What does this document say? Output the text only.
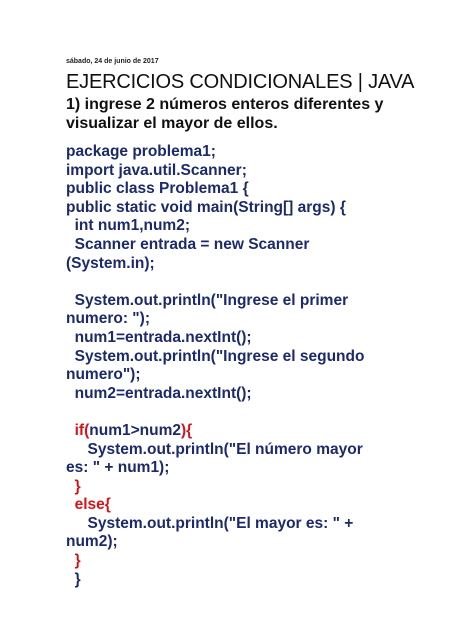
sábado, 24 de junio de 2017
EJERCICIOS CONDICIONALES | JAVA
1) ingrese 2 números enteros diferentes y
visualizar el mayor de ellos.
package problema1;
import java.util.Scanner;
public class Problema1 {
public static void main(String[] args) {
int num1,num2;
Scanner entrada = new Scanner
(System.in);
System.out.println("Ingrese el primer
numero: ");
num1=entrada.nextInt();
System.out.println("Ingrese el segundo
numero");
num2=entrada.nextInt();
if(num1>num2){
System.out.println("El número mayor
es: " + num1);
}
else{
System.out.println("El mayor es: " +
num2);
}
}
